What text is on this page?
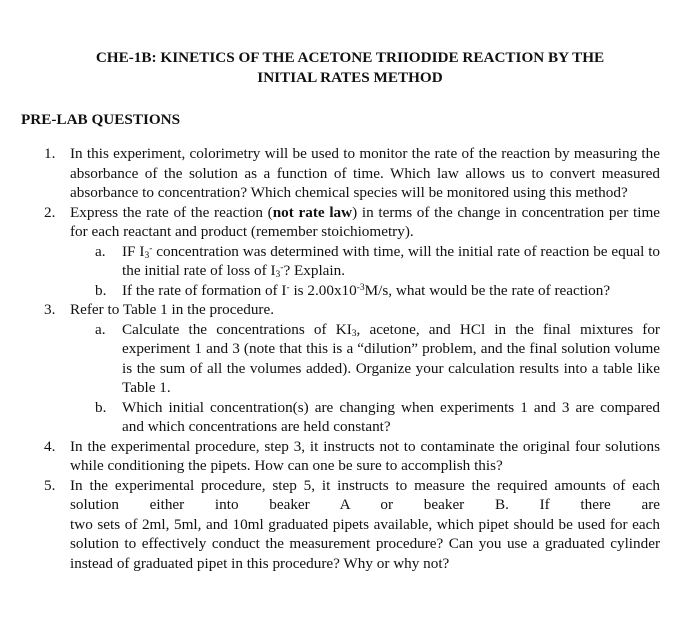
CHE-1B: KINETICS OF THE ACETONE TRIIODIDE REACTION BY THE
INITIAL RATES METHOD
PRE-LAB QUESTIONS
1. In this experiment, colorimetry will be used to monitor the rate of the reaction by measuring the absorbance of the solution as a function of time. Which law allows us to convert measured absorbance to concentration? Which chemical species will be monitored using this method?
2. Express the rate of the reaction (not rate law) in terms of the change in concentration per time for each reactant and product (remember stoichiometry).
a. IF $I_3^-$ concentration was determined with time, will the initial rate of reaction be equal to the initial rate of loss of $I_3^-$? Explain.
b. If the rate of formation of I- is $2.00x10^{-3}M/s$, what would be the rate of reaction?
3. Refer to Table 1 in the procedure.
a. Calculate the concentrations of $KI_3$, acetone, and HCl in the final mixtures for experiment 1 and 3 (note that this is a “dilution” problem, and the final solution volume is the sum of all the volumes added). Organize your calculation results into a table like Table 1.
b. Which initial concentration(s) are changing when experiments 1 and 3 are compared and which concentrations are held constant?
4. In the experimental procedure, step 3, it instructs not to contaminate the original four solutions while conditioning the pipets. How can one be sure to accomplish this?
5. In the experimental procedure, step 5, it instructs to measure the required amounts of each solution either into beaker A or beaker B. If there are
two sets of 2ml, 5ml, and 10ml graduated pipets available, which pipet should be used for each solution to effectively conduct the measurement procedure? Can you use a graduated cylinder instead of graduated pipet in this procedure? Why or why not?
